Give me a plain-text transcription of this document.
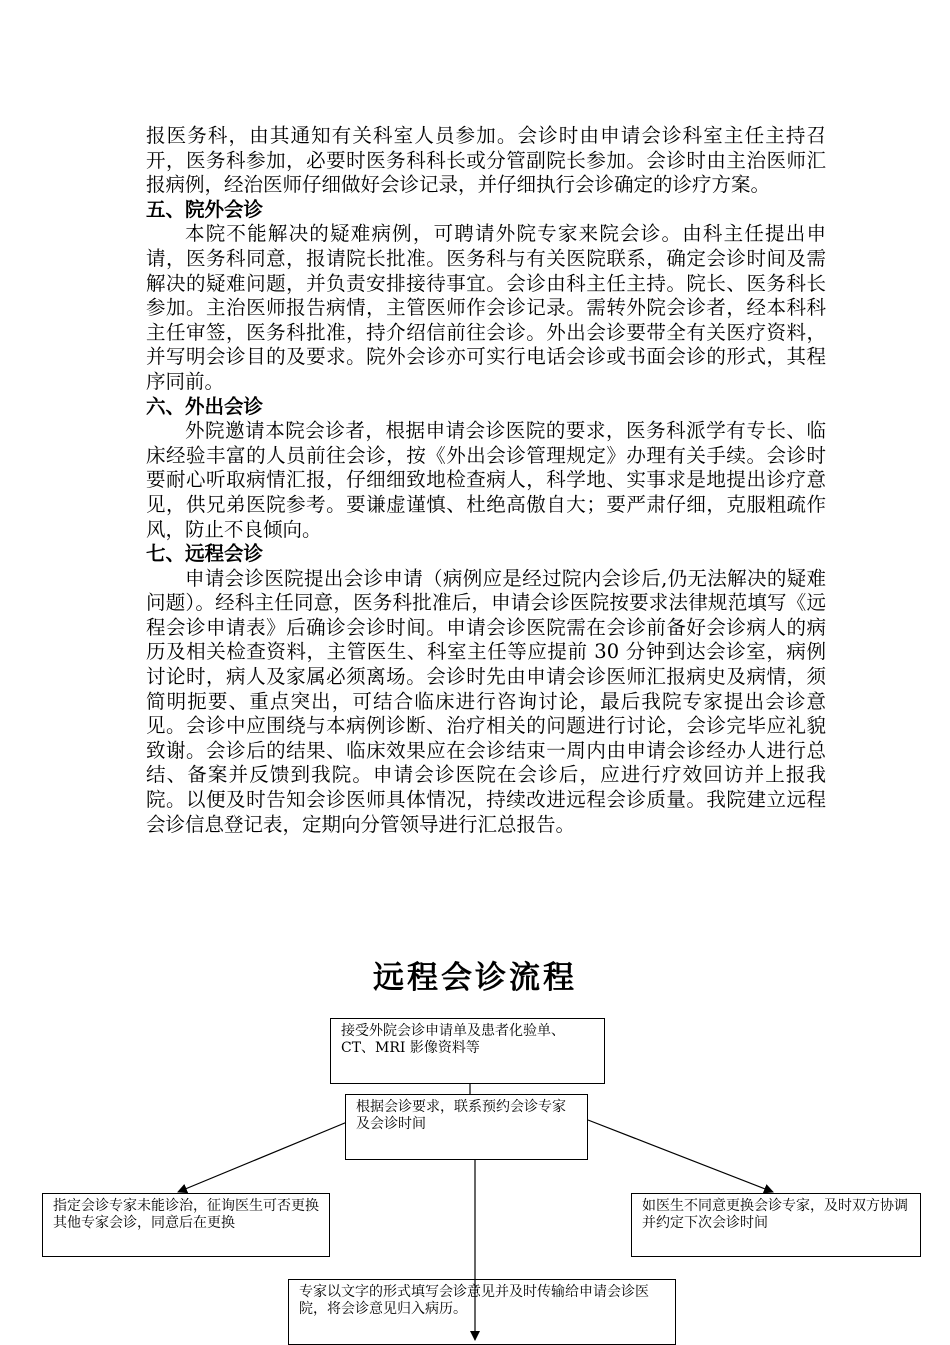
报医务科，由其通知有关科室人员参加。会诊时由申请会诊科室主任主持召开，医务科参加，必要时医务科科长或分管副院长参加。会诊时由主治医师汇报病例，经治医师仔细做好会诊记录，并仔细执行会诊确定的诊疗方案。

五、院外会诊

本院不能解决的疑难病例，可聘请外院专家来院会诊。由科主任提出申请，医务科同意，报请院长批准。医务科与有关医院联系，确定会诊时间及需解决的疑难问题，并负责安排接待事宜。会诊由科主任主持。院长、医务科长参加。主治医师报告病情，主管医师作会诊记录。需转外院会诊者，经本科科主任审签，医务科批准，持介绍信前往会诊。外出会诊要带全有关医疗资料，并写明会诊目的及要求。院外会诊亦可实行电话会诊或书面会诊的形式，其程序同前。

六、外出会诊

外院邀请本院会诊者，根据申请会诊医院的要求，医务科派学有专长、临床经验丰富的人员前往会诊，按《外出会诊管理规定》办理有关手续。会诊时要耐心听取病情汇报，仔细细致地检查病人，科学地、实事求是地提出诊疗意见，供兄弟医院参考。要谦虚谨慎、杜绝高傲自大；要严肃仔细，克服粗疏作风，防止不良倾向。

七、远程会诊

申请会诊医院提出会诊申请（病例应是经过院内会诊后,仍无法解决的疑难问题）。经科主任同意，医务科批准后，申请会诊医院按要求法律规范填写《远程会诊申请表》后确诊会诊时间。申请会诊医院需在会诊前备好会诊病人的病历及相关检查资料，主管医生、科室主任等应提前 30 分钟到达会诊室，病例讨论时，病人及家属必须离场。会诊时先由申请会诊医师汇报病史及病情，须简明扼要、重点突出，可结合临床进行咨询讨论，最后我院专家提出会诊意见。会诊中应围绕与本病例诊断、治疗相关的问题进行讨论，会诊完毕应礼貌致谢。会诊后的结果、临床效果应在会诊结束一周内由申请会诊经办人进行总结、备案并反馈到我院。申请会诊医院在会诊后，应进行疗效回访并上报我院。以便及时告知会诊医师具体情况，持续改进远程会诊质量。我院建立远程会诊信息登记表，定期向分管领导进行汇总报告。

远程会诊流程
接受外院会诊申请单及患者化验单、CT、MRI 影像资料等
根据会诊要求，联系预约会诊专家及会诊时间
指定会诊专家未能诊治，征询医生可否更换其他专家会诊，同意后在更换
如医生不同意更换会诊专家，及时双方协调并约定下次会诊时间
专家以文字的形式填写会诊意见并及时传输给申请会诊医院，将会诊意见归入病历。
